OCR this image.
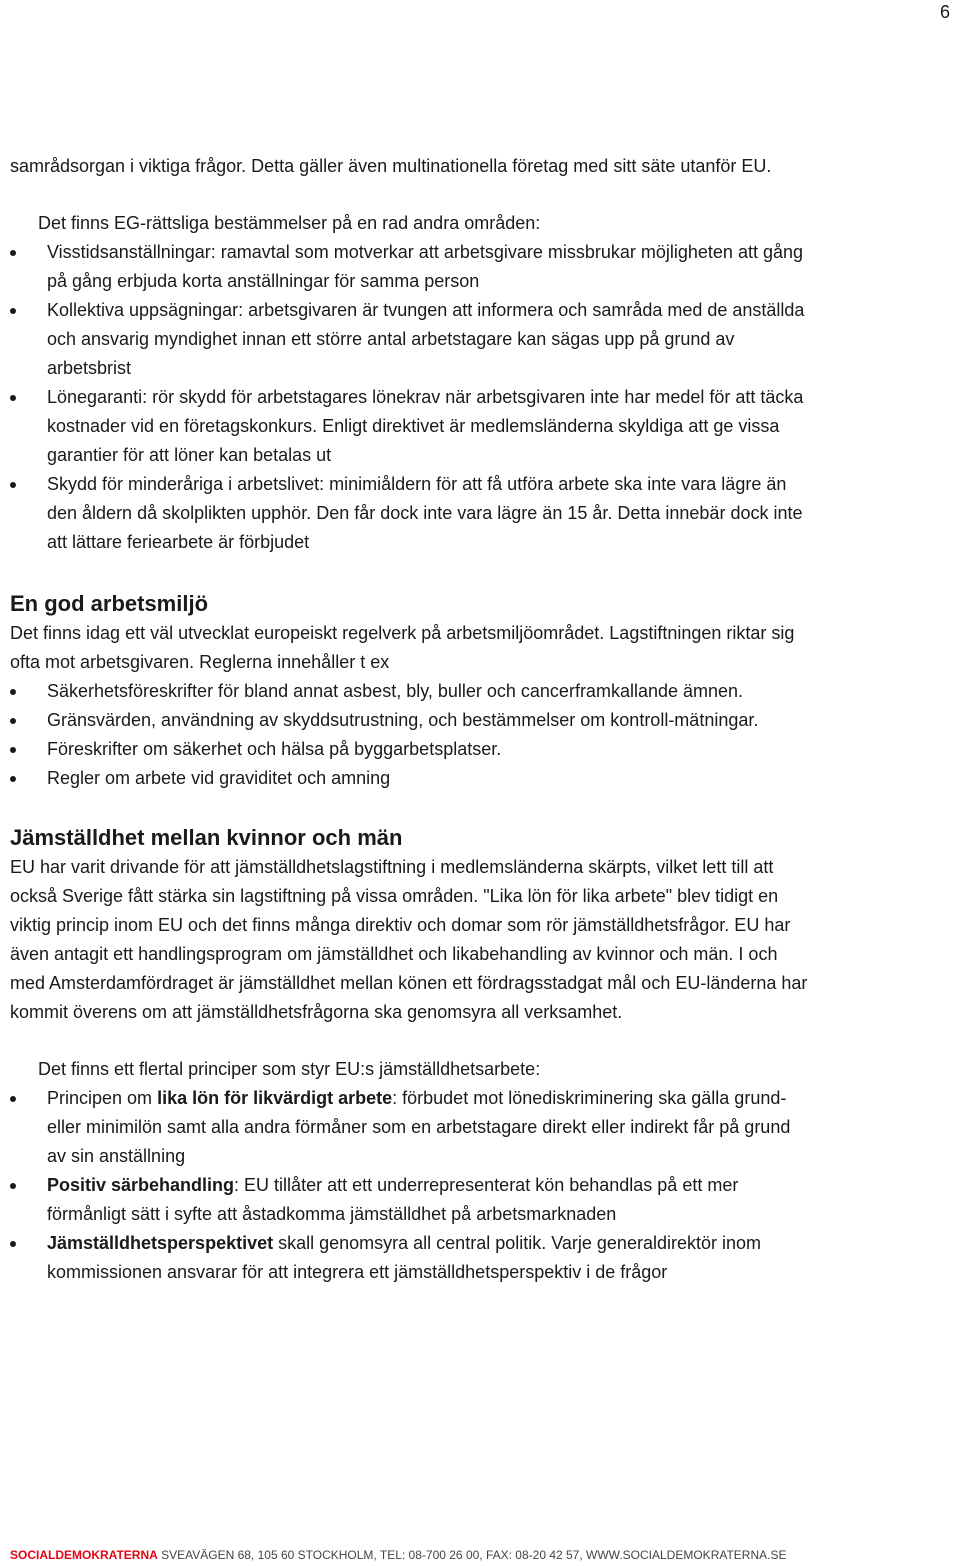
6

samrådsorgan i viktiga frågor. Detta gäller även multinationella företag med sitt säte utanför EU.

Det finns EG-rättsliga bestämmelser på en rad andra områden:

Visstidsanställningar: ramavtal som motverkar att arbetsgivare missbrukar möjligheten att gång på gång erbjuda korta anställningar för samma person
Kollektiva uppsägningar: arbetsgivaren är tvungen att informera och samråda med de anställda och ansvarig myndighet innan ett större antal arbetstagare kan sägas upp på grund av arbetsbrist
Lönegaranti: rör skydd för arbetstagares lönekrav när arbetsgivaren inte har medel för att täcka kostnader vid en företagskonkurs. Enligt direktivet är medlemsländerna skyldiga att ge vissa garantier för att löner kan betalas ut
Skydd för minderåriga i arbetslivet: minimiåldern för att få utföra arbete ska inte vara lägre än den åldern då skolplikten upphör. Den får dock inte vara lägre än 15 år. Detta innebär dock inte att lättare feriearbete är förbjudet
En god arbetsmiljö

Det finns idag ett väl utvecklat europeiskt regelverk på arbetsmiljöområdet. Lagstiftningen riktar sig ofta mot arbetsgivaren. Reglerna innehåller t ex

Säkerhetsföreskrifter för bland annat asbest, bly, buller och cancerframkallande ämnen.
Gränsvärden, användning av skyddsutrustning, och bestämmelser om kontroll-mätningar.
Föreskrifter om säkerhet och hälsa på byggarbetsplatser.
Regler om arbete vid graviditet och amning
Jämställdhet mellan kvinnor och män

EU har varit drivande för att jämställdhetslagstiftning i medlemsländerna skärpts, vilket lett till att också Sverige fått stärka sin lagstiftning på vissa områden. "Lika lön för lika arbete" blev tidigt en viktig princip inom EU och det finns många direktiv och domar som rör jämställdhetsfrågor. EU har även antagit ett handlingsprogram om jämställdhet och likabehandling av kvinnor och män. I och med Amsterdamfördraget är jämställdhet mellan könen ett fördragsstadgat mål och EU-länderna har kommit överens om att jämställdhetsfrågorna ska genomsyra all verksamhet.

Det finns ett flertal principer som styr EU:s jämställdhetsarbete:

Principen om lika lön för likvärdigt arbete: förbudet mot lönediskriminering ska gälla grund- eller minimilön samt alla andra förmåner som en arbetstagare direkt eller indirekt får på grund av sin anställning
Positiv särbehandling: EU tillåter att ett underrepresenterat kön behandlas på ett mer förmånligt sätt i syfte att åstadkomma jämställdhet på arbetsmarknaden
Jämställdhetsperspektivet skall genomsyra all central politik. Varje generaldirektör inom kommissionen ansvarar för att integrera ett jämställdhetsperspektiv i de frågor
SOCIALDEMOKRATERNA SVEAVÄGEN 68, 105 60 STOCKHOLM, TEL: 08-700 26 00, FAX: 08-20 42 57, WWW.SOCIALDEMOKRATERNA.SE
